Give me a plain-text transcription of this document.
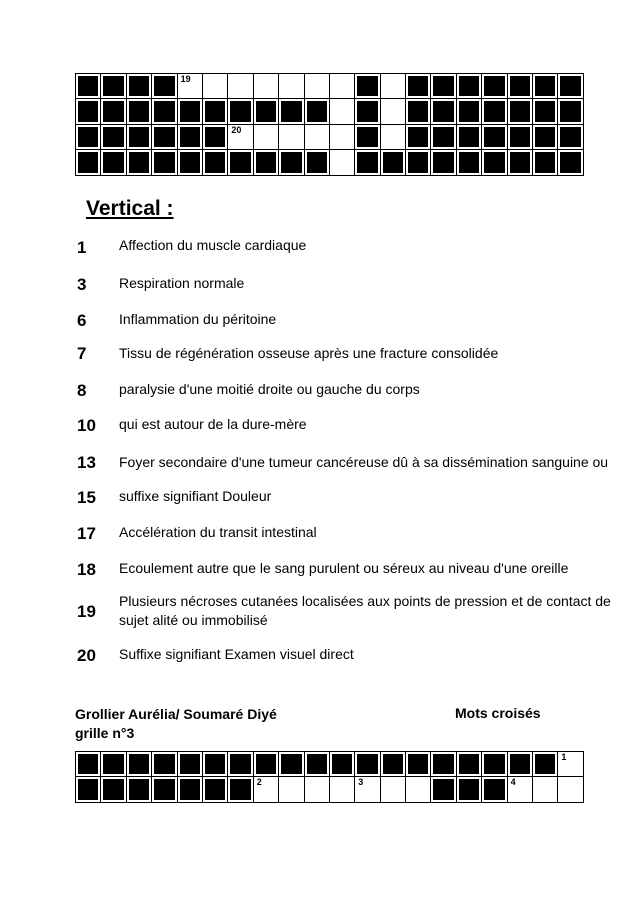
				19															

						20													

Vertical :
1 Affection du muscle cardiaque
3 Respiration normale
6 Inflammation du péritoine
7 Tissu de régénération osseuse après une fracture consolidée
8 paralysie d'une moitié droite ou gauche du corps
10 qui est autour de la dure-mère
13 Foyer secondaire d'une tumeur cancéreuse dû à sa dissémination sanguine ou
15 suffixe signifiant Douleur
17 Accélération du transit intestinal
18 Ecoulement autre que le sang purulent ou séreux au niveau d'une oreille
19
Plusieurs nécroses cutanées localisées aux points de pression et de contact de
sujet alité ou immobilisé
20 Suffixe signifiant Examen visuel direct
Grollier Aurélia/ Soumaré Diyé
grille n°3
Mots croisés

																			1

							2				3						4		
